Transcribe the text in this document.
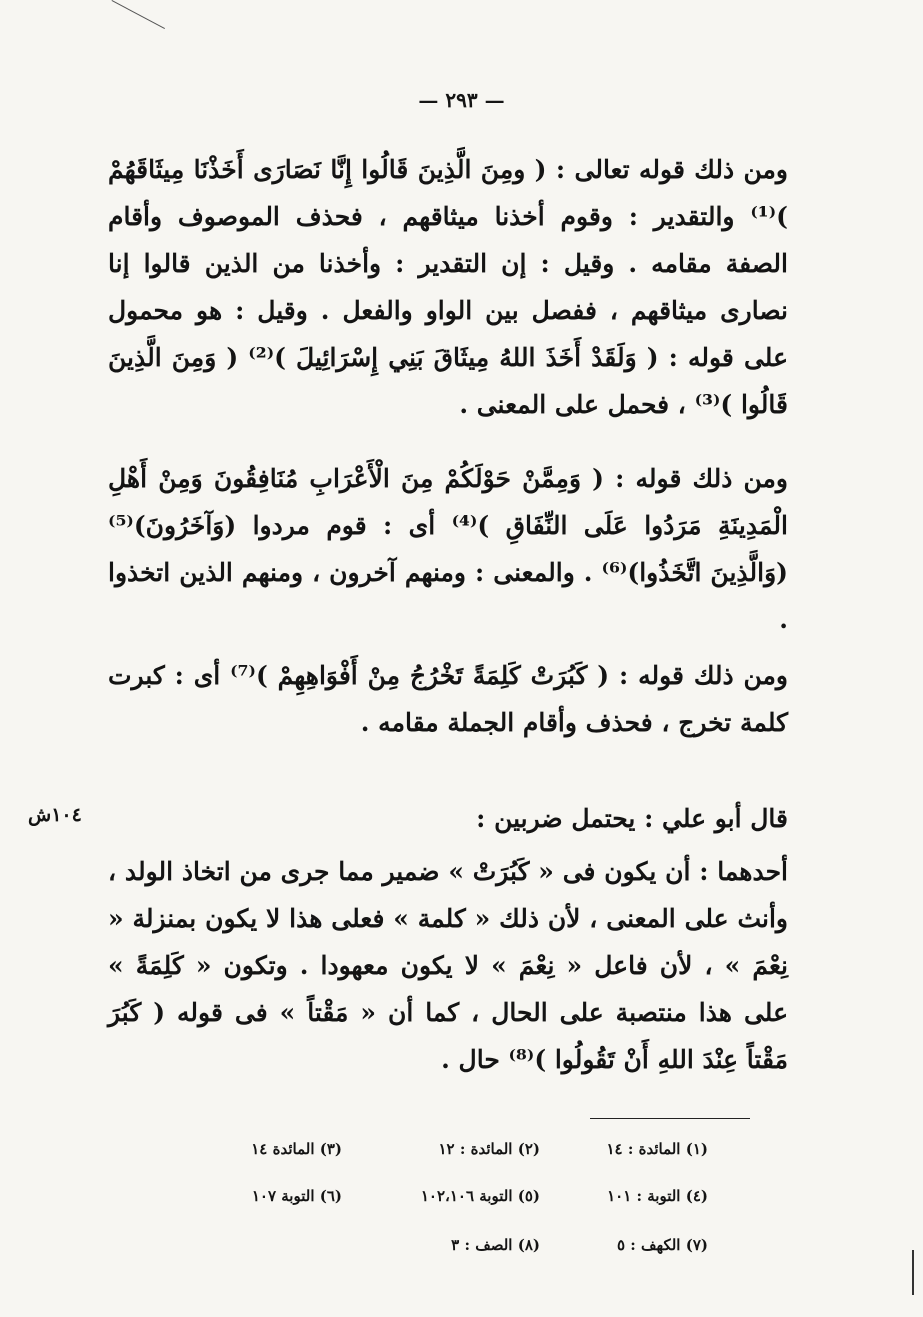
— ٢٩٣ —

ومن ذلك قوله تعالى : ( ومِنَ الَّذِينَ قَالُوا إِنَّا نَصَارَى أَخَذْنَا مِيثَاقَهُمْ )⁽¹⁾ والتقدير : وقوم أخذنا ميثاقهم ، فحذف الموصوف وأقام الصفة مقامه . وقيل : إن التقدير : وأخذنا من الذين قالوا إنا نصارى ميثاقهم ، ففصل بين الواو والفعل . وقيل : هو محمول على قوله : ( وَلَقَدْ أَخَذَ اللهُ مِيثَاقَ بَنِي إِسْرَائِيلَ )⁽²⁾ ( وَمِنَ الَّذِينَ قَالُوا )⁽³⁾ ، فحمل على المعنى .

ومن ذلك قوله : ( وَمِمَّنْ حَوْلَكُمْ مِنَ الْأَعْرَابِ مُنَافِقُونَ وَمِنْ أَهْلِ الْمَدِينَةِ مَرَدُوا عَلَى النِّفَاقِ )⁽⁴⁾ أى : قوم مردوا (وَآخَرُونَ)⁽⁵⁾ (وَالَّذِينَ اتَّخَذُوا)⁽⁶⁾ . والمعنى : ومنهم آخرون ، ومنهم الذين اتخذوا .

ومن ذلك قوله : ( كَبُرَتْ كَلِمَةً تَخْرُجُ مِنْ أَفْوَاهِهِمْ )⁽⁷⁾ أى : كبرت كلمة تخرج ، فحذف وأقام الجملة مقامه .

قال أبو علي : يحتمل ضربين :

١٠٤ش

أحدهما : أن يكون فى « كَبُرَتْ » ضمير مما جرى من اتخاذ الولد ، وأنث على المعنى ، لأن ذلك « كلمة » فعلى هذا لا يكون بمنزلة « نِعْمَ » ، لأن فاعل « نِعْمَ » لا يكون معهودا . وتكون « كَلِمَةً » على هذا منتصبة على الحال ، كما أن « مَقْتاً » فى قوله ( كَبُرَ مَقْتاً عِنْدَ اللهِ أَنْ تَقُولُوا )⁽⁸⁾ حال .

(١) المائدة : ١٤
(٢) المائدة : ١٢
(٣) المائدة ١٤
(٤) التوبة : ١٠١
(٥) التوبة ١٠٢،١٠٦
(٦) التوبة ١٠٧
(٧) الكهف : ٥
(٨) الصف : ٣
